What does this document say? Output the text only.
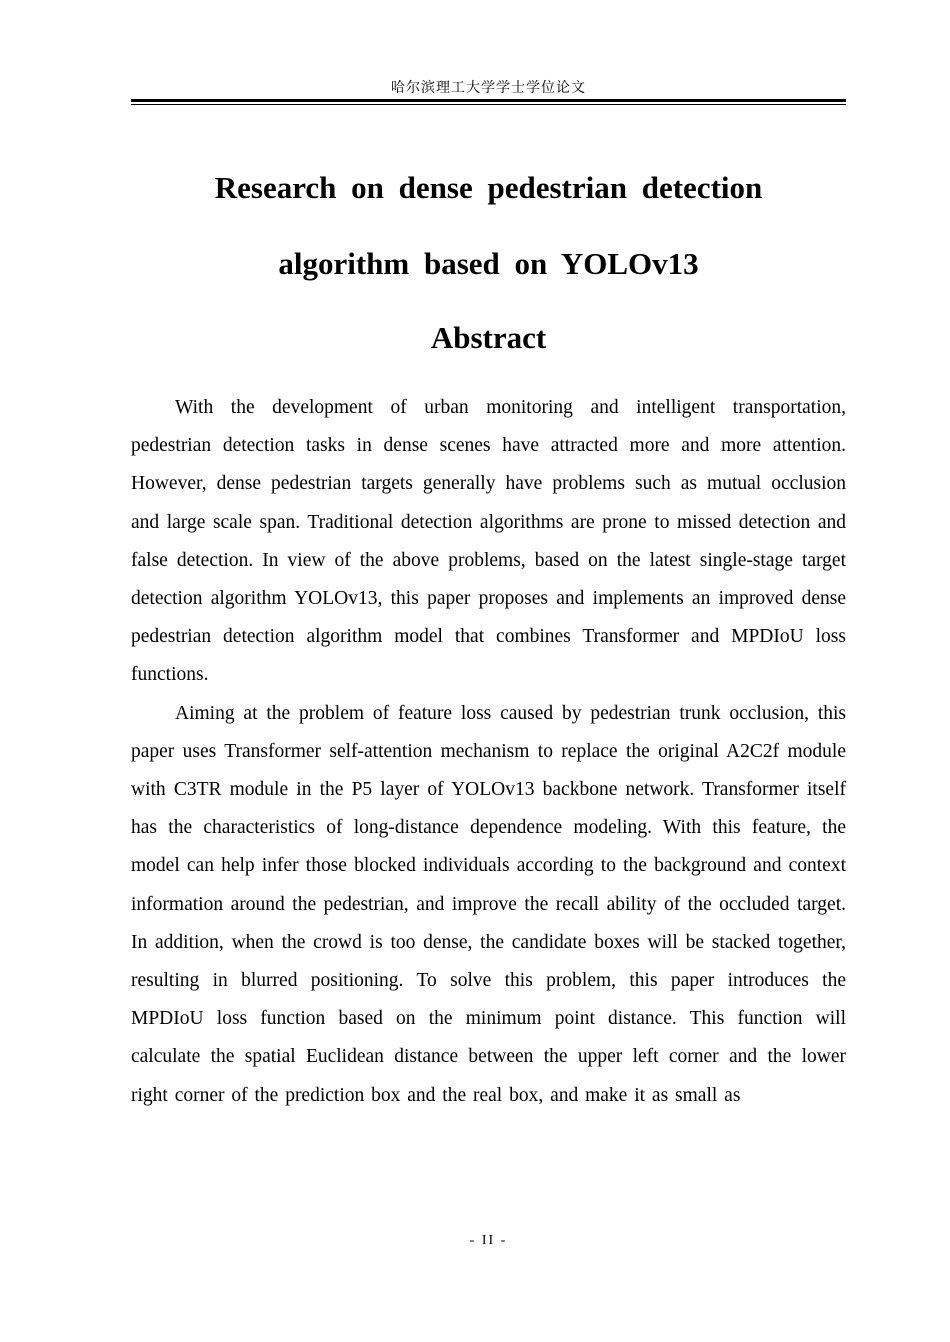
哈尔滨理工大学学士学位论文
Research on dense pedestrian detection
algorithm based on YOLOv13
Abstract

With the development of urban monitoring and intelligent transportation, pedestrian detection tasks in dense scenes have attracted more and more attention. However, dense pedestrian targets generally have problems such as mutual occlusion and large scale span. Traditional detection algorithms are prone to missed detection and false detection. In view of the above problems, based on the latest single-stage target detection algorithm YOLOv13, this paper proposes and implements an improved dense pedestrian detection algorithm model that combines Transformer and MPDIoU loss functions.

Aiming at the problem of feature loss caused by pedestrian trunk occlusion, this paper uses Transformer self-attention mechanism to replace the original A2C2f module with C3TR module in the P5 layer of YOLOv13 backbone network. Transformer itself has the characteristics of long-distance dependence modeling. With this feature, the model can help infer those blocked individuals according to the background and context information around the pedestrian, and improve the recall ability of the occluded target. In addition, when the crowd is too dense, the candidate boxes will be stacked together, resulting in blurred positioning. To solve this problem, this paper introduces the MPDIoU loss function based on the minimum point distance. This function will calculate the spatial Euclidean distance between the upper left corner and the lower right corner of the prediction box and the real box, and make it as small as

- II -
